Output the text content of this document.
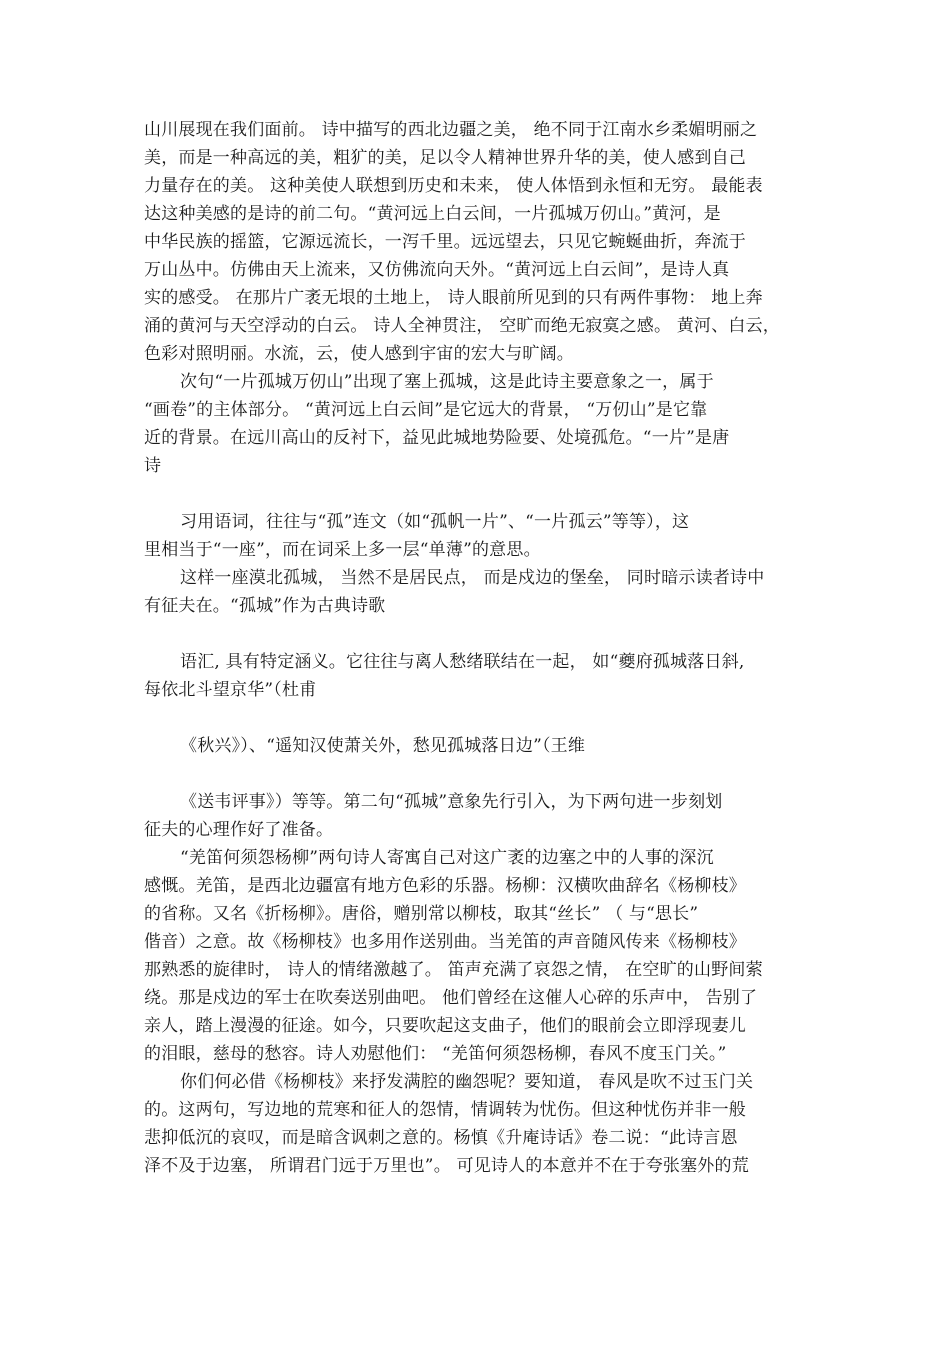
山川展现在我们面前。 诗中描写的西北边疆之美， 绝不同于江南水乡柔媚明丽之
美，而是一种高远的美，粗犷的美，足以令人精神世界升华的美，使人感到自己
力量存在的美。 这种美使人联想到历史和未来， 使人体悟到永恒和无穷。 最能表
达这种美感的是诗的前二句。“黄河远上白云间，一片孤城万仞山。”黄河，是
中华民族的摇篮，它源远流长，一泻千里。远远望去，只见它蜿蜒曲折，奔流于
万山丛中。仿佛由天上流来，又仿佛流向天外。“黄河远上白云间”，是诗人真
实的感受。 在那片广袤无垠的土地上， 诗人眼前所见到的只有两件事物： 地上奔
涌的黄河与天空浮动的白云。 诗人全神贯注， 空旷而绝无寂寞之感。 黄河、白云，
色彩对照明丽。水流，云，使人感到宇宙的宏大与旷阔。
次句“一片孤城万仞山”出现了塞上孤城，这是此诗主要意象之一，属于
“画卷”的主体部分。 “黄河远上白云间”是它远大的背景， “万仞山”是它靠
近的背景。在远川高山的反衬下，益见此城地势险要、处境孤危。“一片”是唐
诗
习用语词，往往与“孤”连文（如“孤帆一片”、“一片孤云”等等），这
里相当于“一座”，而在词采上多一层“单薄”的意思。
这样一座漠北孤城， 当然不是居民点， 而是戍边的堡垒， 同时暗示读者诗中
有征夫在。“孤城”作为古典诗歌
语汇, 具有特定涵义。它往往与离人愁绪联结在一起， 如“夔府孤城落日斜,
每依北斗望京华”（杜甫
《秋兴》）、“遥知汉使萧关外，愁见孤城落日边”（王维
《送韦评事》）等等。第二句“孤城”意象先行引入，为下两句进一步刻划
征夫的心理作好了准备。
“羌笛何须怨杨柳”两句诗人寄寓自己对这广袤的边塞之中的人事的深沉
感慨。羌笛，是西北边疆富有地方色彩的乐器。杨柳：汉横吹曲辞名《杨柳枝》
的省称。又名《折杨柳》。唐俗，赠别常以柳枝，取其“丝长” （ 与“思长”
偕音）之意。故《杨柳枝》也多用作送别曲。当羌笛的声音随风传来《杨柳枝》
那熟悉的旋律时， 诗人的情绪激越了。 笛声充满了哀怨之情， 在空旷的山野间萦
绕。那是戍边的军士在吹奏送别曲吧。 他们曾经在这催人心碎的乐声中， 告别了
亲人，踏上漫漫的征途。如今，只要吹起这支曲子，他们的眼前会立即浮现妻儿
的泪眼，慈母的愁容。诗人劝慰他们： “羌笛何须怨杨柳，春风不度玉门关。”
你们何必借《杨柳枝》来抒发满腔的幽怨呢？要知道， 春风是吹不过玉门关
的。这两句，写边地的荒寒和征人的怨情，情调转为忧伤。但这种忧伤并非一般
悲抑低沉的哀叹，而是暗含讽刺之意的。杨慎《升庵诗话》卷二说：“此诗言恩
泽不及于边塞， 所谓君门远于万里也”。 可见诗人的本意并不在于夸张塞外的荒
